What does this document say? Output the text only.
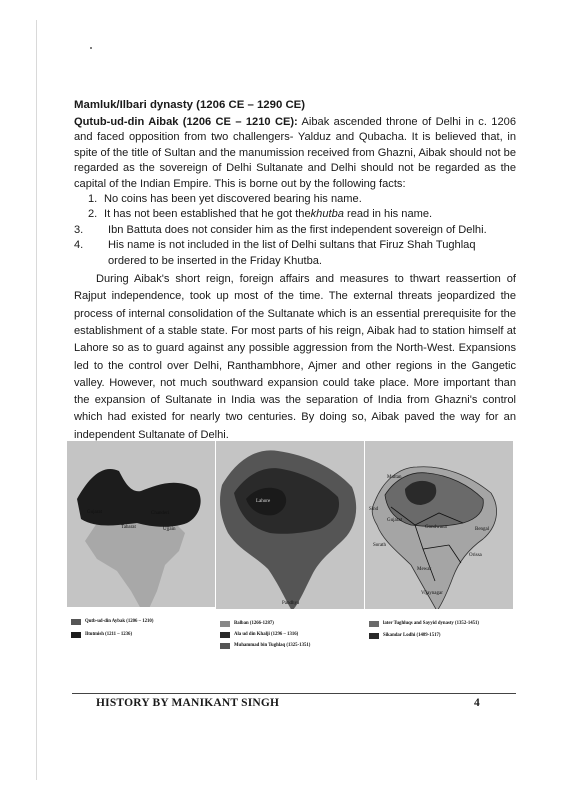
Mamluk/Ilbari dynasty (1206 CE – 1290 CE)

Qutub-ud-din Aibak (1206 CE – 1210 CE): Aibak ascended throne of Delhi in c. 1206 and faced opposition from two challengers- Yalduz and Qubacha. It is believed that, in spite of the title of Sultan and the manumission received from Ghazni, Aibak should not be regarded as the sovereign of Delhi Sultanate and Delhi should not be regarded as the capital of the Indian Empire. This is borne out by the following facts:

1. No coins has been yet discovered bearing his name.
2. It has not been established that he got thekhutba read in his name.
3. Ibn Battuta does not consider him as the first independent sovereign of Delhi.
4. His name is not included in the list of Delhi sultans that Firuz Shah Tughlaq ordered to be inserted in the Friday Khutba.

During Aibak's short reign, foreign affairs and measures to thwart reassertion of Rajput independence, took up most of the time. The external threats jeopardized the process of internal consolidation of the Sultanate which is an essential prerequisite for the establishment of a stable state. For most parts of his reign, Aibak had to station himself at Lahore so as to guard against any possible aggression from the North-West. Expansions led to the control over Delhi, Ranthambhore, Ajmer and other regions in the Gangetic valley. However, not much southward expansion could take place. More important than the expansion of Sultanate in India was the separation of India from Ghazni's control which had existed for nearly two centuries. By doing so, Aibak paved the way for an independent Sultanate of Delhi.

Gujarat	Chanderi
Tabarat	Ujjain
Qutb-ud-din Aybak (1206 – 1210)
Iltutmish (1211 – 1236)
Lahore
Pandhya
Balban (1266-1287)
Ala ud din Khalji (1296 – 1316)
Muhammad bin Tughlaq (1325-1351)
Multan
Sind
Gujarat
Gondwana	Bengal
Orissa
Sorath
Vijaynagar
Mewar
later Tughluqs and Sayyid dynasty (1352-1451)
Sikandar Lodhi (1489-1517)
HISTORY BY MANIKANT SINGH	4
